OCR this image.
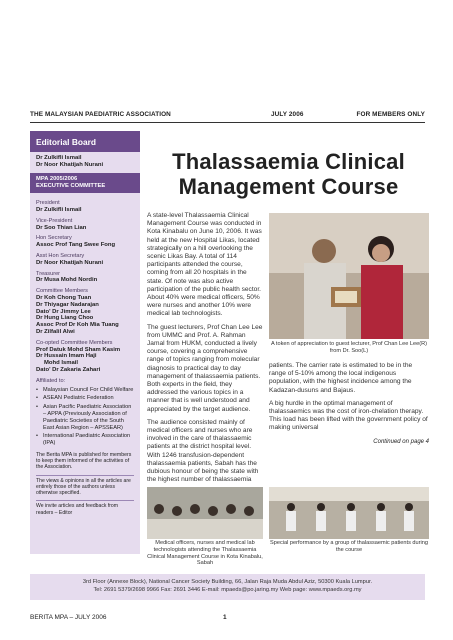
THE MALAYSIAN PAEDIATRIC ASSOCIATION	JULY 2006	FOR MEMBERS ONLY
Editorial Board
Dr Zulkifli Ismail
Dr Noor Khatijah Nurani
MPA 2005/2006
EXECUTIVE COMMITTEE
President
Dr Zulkifli Ismail
Vice-President
Dr Soo Thian Lian
Hon Secretary
Assoc Prof Tang Swee Fong
Asst Hon Secretary
Dr Noor Khatijah Nurani
Treasurer
Dr Musa Mohd Nordin
Committee Members
Dr Koh Chong Tuan
Dr Thiyagar Nadarajan
Dato' Dr Jimmy Lee
Dr Hung Liang Choo
Assoc Prof Dr Koh Mia Tuang
Dr Zilfalil Alwi
Co-opted Committee Members
Prof Datuk Mohd Sham Kasim
Dr Hussain Imam Haji
Mohd Ismail
Dato' Dr Zakaria Zahari
Affiliated to:
• Malaysian Council For Child Welfare
• ASEAN Pediatric Federation
• Asian Pacific Paediatric Association – APPA (Previously Association of Paediatric Societies of the South East Asian Region – APSSEAR)
• International Paediatric Association (IPA)
The Berita MPA is published for members to keep them informed of the activities of the Association.
The views & opinions in all the articles are entirely those of the authors unless otherwise specified.
We invite articles and feedback from readers – Editor
Thalassaemia Clinical
Management Course

A state-level Thalassaemia Clinical Management Course was conducted in Kota Kinabalu on June 10, 2006. It was held at the new Hospital Likas, located strategically on a hill overlooking the scenic Likas Bay. A total of 114 participants attended the course, coming from all 20 hospitals in the state. Of note was also active participation of the public health sector. About 40% were medical officers, 50% were nurses and another 10% were medical lab technologists.

The guest lecturers, Prof Chan Lee Lee from UMMC and Prof. A. Rahman Jamal from HUKM, conducted a lively course, covering a comprehensive range of topics ranging from molecular diagnosis to practical day to day management of thalassaemia patients. Both experts in the field, they addressed the various topics in a manner that is well understood and appreciated by the target audience.

The audience consisted mainly of medical officers and nurses who are involved in the care of thalassaemic patients at the district hospital level. With 1246 transfusion-dependent thalassaemia patients, Sabah has the dubious honour of being the state with the highest number of thalassaemia

A token of appreciation to guest lecturer, Prof Chan Lee Lee(R) from Dr. Soo(L)

patients. The carrier rate is estimated to be in the range of 5-10% among the local indigenous population, with the highest incidence among the Kadazan-dusuns and Bajaus.

A big hurdle in the optimal management of thalassaemics was the cost of iron-chelation therapy. This load has been lifted with the government policy of making universal

Continued on page 4
Medical officers, nurses and medical lab technologists attending the Thalassaemia Clinical Management Course in Kota Kinabalu, Sabah
Special performance by a group of thalassaemic patients during the course
3rd Floor (Annexe Block), National Cancer Society Building, 66, Jalan Raja Muda Abdul Aziz, 50300 Kuala Lumpur.
Tel: 2691 5379/2698 9966 Fax: 2691 3446 E-mail: mpaeds@po.jaring.my Web page: www.mpaeds.org.my
BERITA MPA – JULY 2006	1
